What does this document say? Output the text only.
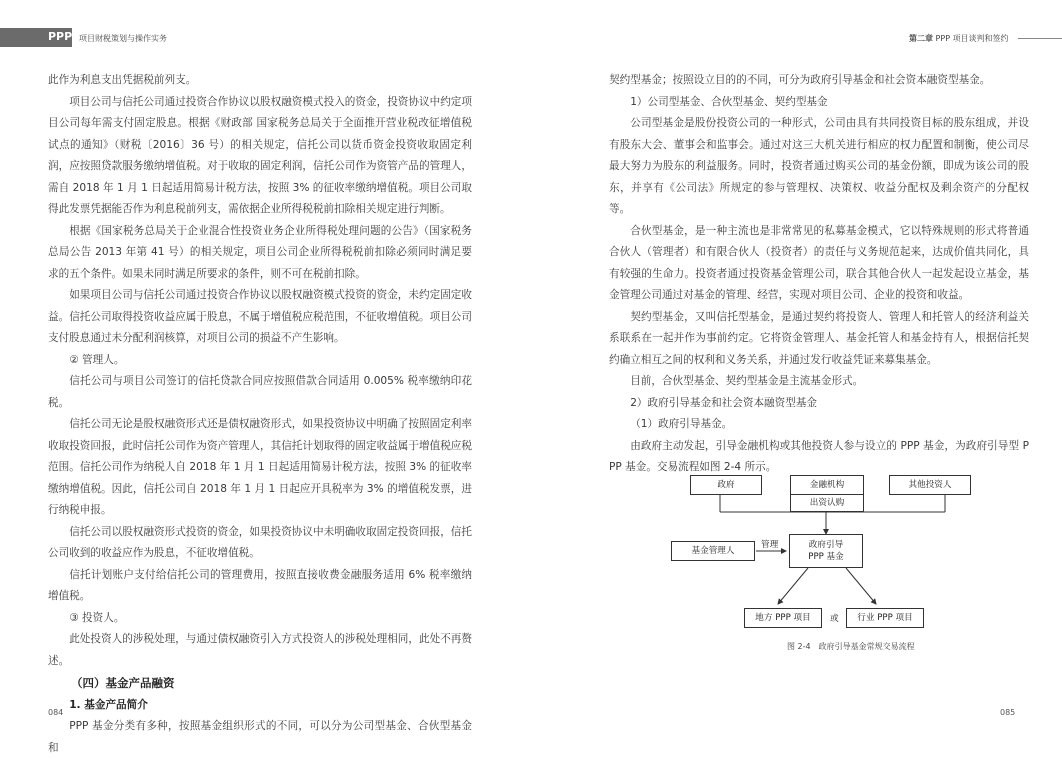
PPP 项目财税策划与操作实务	第二章 PPP 项目谈判和签约

此作为利息支出凭据税前列支。

项目公司与信托公司通过投资合作协议以股权融资模式投入的资金，投资协议中约定项目公司每年需支付固定股息。根据《财政部 国家税务总局关于全面推开营业税改征增值税试点的通知》（财税〔2016〕36 号）的相关规定，信托公司以货币资金投资收取固定利润，应按照贷款服务缴纳增值税。对于收取的固定利润，信托公司作为资管产品的管理人，需自 2018 年 1 月 1 日起适用简易计税方法，按照 3% 的征收率缴纳增值税。项目公司取得此发票凭据能否作为利息税前列支，需依据企业所得税税前扣除相关规定进行判断。

根据《国家税务总局关于企业混合性投资业务企业所得税处理问题的公告》（国家税务总局公告 2013 年第 41 号）的相关规定，项目公司企业所得税税前扣除必须同时满足要求的五个条件。如果未同时满足所要求的条件，则不可在税前扣除。

如果项目公司与信托公司通过投资合作协议以股权融资模式投资的资金，未约定固定收益。信托公司取得投资收益应属于股息，不属于增值税应税范围，不征收增值税。项目公司支付股息通过未分配利润核算，对项目公司的损益不产生影响。

② 管理人。

信托公司与项目公司签订的信托贷款合同应按照借款合同适用 0.005% 税率缴纳印花税。

信托公司无论是股权融资形式还是债权融资形式，如果投资协议中明确了按照固定利率收取投资回报，此时信托公司作为资产管理人，其信托计划取得的固定收益属于增值税应税范围。信托公司作为纳税人自 2018 年 1 月 1 日起适用简易计税方法，按照 3% 的征收率缴纳增值税。因此，信托公司自 2018 年 1 月 1 日起应开具税率为 3% 的增值税发票，进行纳税申报。

信托公司以股权融资形式投资的资金，如果投资协议中未明确收取固定投资回报，信托公司收到的收益应作为股息，不征收增值税。

信托计划账户支付给信托公司的管理费用，按照直接收费金融服务适用 6% 税率缴纳增值税。

③ 投资人。

此处投资人的涉税处理，与通过债权融资引入方式投资人的涉税处理相同，此处不再赘述。

（四）基金产品融资

1. 基金产品简介

PPP 基金分类有多种，按照基金组织形式的不同，可以分为公司型基金、合伙型基金和

084

契约型基金；按照设立目的的不同，可分为政府引导基金和社会资本融资型基金。

1）公司型基金、合伙型基金、契约型基金

公司型基金是股份投资公司的一种形式，公司由具有共同投资目标的股东组成，并设有股东大会、董事会和监事会。通过对这三大机关进行相应的权力配置和制衡，使公司尽最大努力为股东的利益服务。同时，投资者通过购买公司的基金份额，即成为该公司的股东，并享有《公司法》所规定的参与管理权、决策权、收益分配权及剩余资产的分配权等。

合伙型基金，是一种主流也是非常常见的私募基金模式，它以特殊规则的形式将普通合伙人（管理者）和有限合伙人（投资者）的责任与义务规范起来，达成价值共同化，具有较强的生命力。投资者通过投资基金管理公司，联合其他合伙人一起发起设立基金，基金管理公司通过对基金的管理、经营，实现对项目公司、企业的投资和收益。

契约型基金，又叫信托型基金，是通过契约将投资人、管理人和托管人的经济利益关系联系在一起并作为事前约定。它将资金管理人、基金托管人和基金持有人，根据信托契约确立相互之间的权利和义务关系，并通过发行收益凭证来募集基金。

目前，合伙型基金、契约型基金是主流基金形式。

2）政府引导基金和社会资本融资型基金

（1）政府引导基金。

由政府主动发起，引导金融机构或其他投资人参与设立的 PPP 基金，为政府引导型 PPP 基金。交易流程如图 2-4 所示。

政府	金融机构	其他投资人
出资认购
基金管理人
管理	政府引导
PPP 基金
地方 PPP 项目	或	行业 PPP 项目
图 2-4　政府引导基金常规交易流程
085
